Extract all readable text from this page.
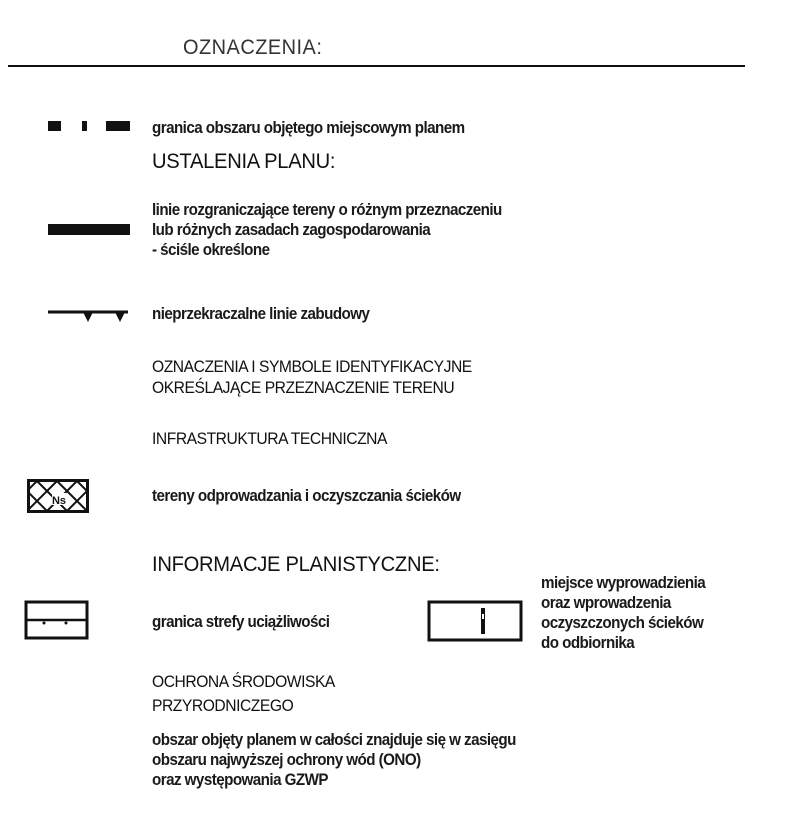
OZNACZENIA:
granica obszaru objętego miejscowym planem
USTALENIA PLANU:
linie rozgraniczające tereny o różnym przeznaczeniu
lub różnych zasadach zagospodarowania
- ściśle określone
nieprzekraczalne linie zabudowy
OZNACZENIA I SYMBOLE IDENTYFIKACYJNE
OKREŚLAJĄCE PRZEZNACZENIE TERENU
INFRASTRUKTURA TECHNICZNA
Ns	tereny odprowadzania i oczyszczania ścieków
INFORMACJE PLANISTYCZNE:
granica strefy uciążliwości
miejsce wyprowadzienia
oraz wprowadzenia
oczyszczonych ścieków
do odbiornika
OCHRONA ŚRODOWISKA
PRZYRODNICZEGO
obszar objęty planem w całości znajduje się w zasięgu
obszaru najwyższej ochrony wód (ONO)
oraz występowania GZWP
